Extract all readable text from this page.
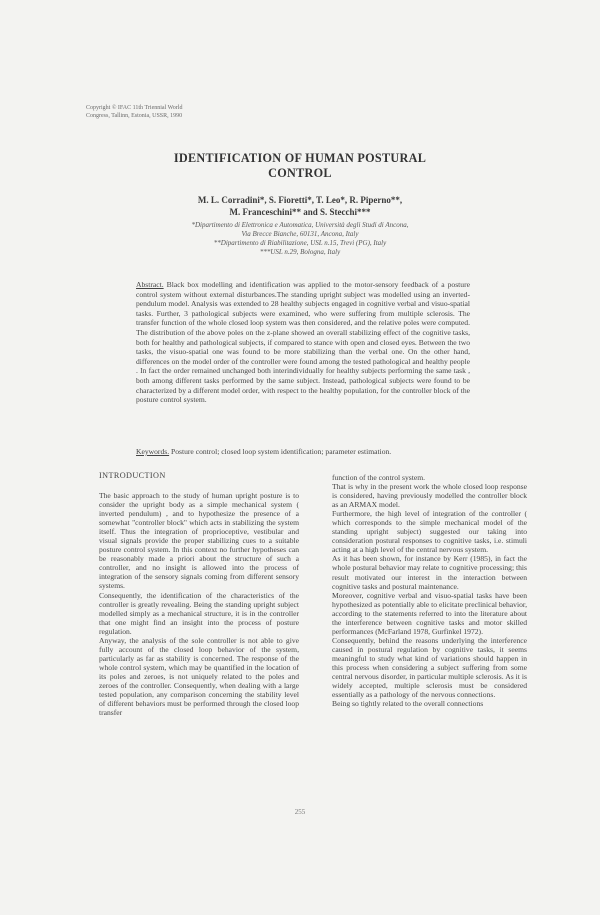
Copyright © IFAC 11th Triennial World
Congress, Tallinn, Estonia, USSR, 1990
IDENTIFICATION OF HUMAN POSTURAL
CONTROL
M. L. Corradini*, S. Fioretti*, T. Leo*, R. Piperno**,
M. Franceschini** and S. Stecchi***
*Dipartimento di Elettronica e Automatica, Università degli Studi di Ancona,
Via Brecce Bianche, 60131, Ancona, Italy
**Dipartimento di Riabilitazione, USL n.15, Trevi (PG), Italy
***USL n.29, Bologna, Italy
Abstract. Black box modelling and identification was applied to the motor-sensory feedback of a posture control system without external disturbances.The standing upright subject was modelled using an inverted-pendulum model. Analysis was extended to 28 healthy subjects engaged in cognitive verbal and visuo-spatial tasks. Further, 3 pathological subjects were examined, who were suffering from multiple sclerosis. The transfer function of the whole closed loop system was then considered, and the relative poles were computed. The distribution of the above poles on the z-plane showed an overall stabilizing effect of the cognitive tasks, both for healthy and pathological subjects, if compared to stance with open and closed eyes. Between the two tasks, the visuo-spatial one was found to be more stabilizing than the verbal one. On the other hand, differences on the model order of the controller were found among the tested pathological and healthy people . In fact the order remained unchanged both interindividually for healthy subjects performing the same task , both among different tasks performed by the same subject. Instead, pathological subjects were found to be characterized by a different model order, with respect to the healthy population, for the controller block of the posture control system.
Keywords. Posture control; closed loop system identification; parameter estimation.
INTRODUCTION

The basic approach to the study of human upright posture is to consider the upright body as a simple mechanical system ( inverted pendulum) , and to hypothesize the presence of a somewhat "controller block" which acts in stabilizing the system itself. Thus the integration of proprioceptive, vestibular and visual signals provide the proper stabilizing cues to a suitable posture control system. In this context no further hypotheses can be reasonably made a priori about the structure of such a controller, and no insight is allowed into the process of integration of the sensory signals coming from different sensory systems.

Consequently, the identification of the characteristics of the controller is greatly revealing. Being the standing upright subject modelled simply as a mechanical structure, it is in the controller that one might find an insight into the process of posture regulation.

Anyway, the analysis of the sole controller is not able to give fully account of the closed loop behavior of the system, particularly as far as stability is concerned. The response of the whole control system, which may be quantified in the location of its poles and zeroes, is not uniquely related to the poles and zeroes of the controller. Consequently, when dealing with a large tested population, any comparison concerning the stability level of different behaviors must be performed through the closed loop transfer

function of the control system.

That is why in the present work the whole closed loop response is considered, having previously modelled the controller block as an ARMAX model.

Furthermore, the high level of integration of the controller ( which corresponds to the simple mechanical model of the standing upright subject) suggested our taking into consideration postural responses to cognitive tasks, i.e. stimuli acting at a high level of the central nervous system.

As it has been shown, for instance by Kerr (1985), in fact the whole postural behavior may relate to cognitive processing; this result motivated our interest in the interaction between cognitive tasks and postural maintenance.

Moreover, cognitive verbal and visuo-spatial tasks have been hypothesized as potentially able to elicitate preclinical behavior, according to the statements referred to into the literature about the interference between cognitive tasks and motor skilled performances (McFarland 1978, Gurfinkel 1972).

Consequently, behind the reasons underlying the interference caused in postural regulation by cognitive tasks, it seems meaningful to study what kind of variations should happen in this process when considering a subject suffering from some central nervous disorder, in particular multiple sclerosis. As it is widely accepted, multiple sclerosis must be considered essentially as a pathology of the nervous connections.

Being so tightly related to the overall connections

255
